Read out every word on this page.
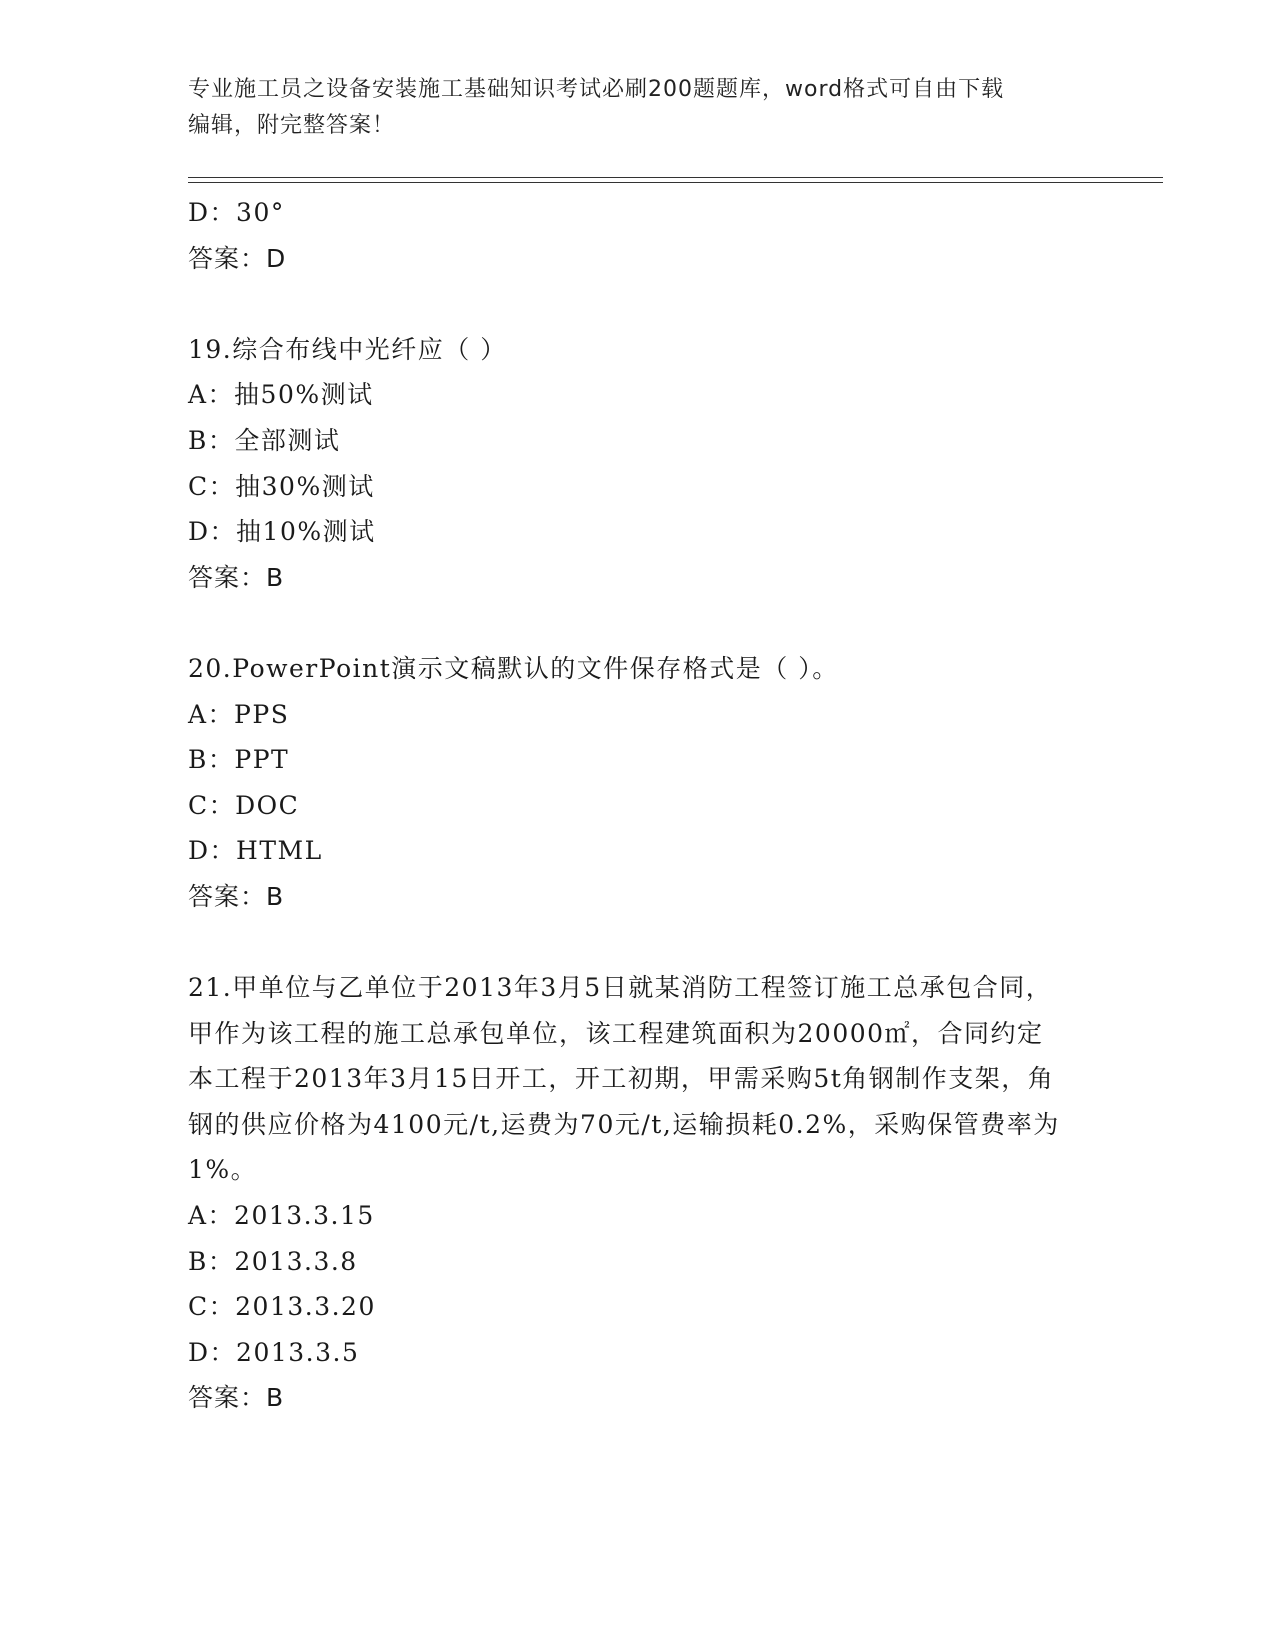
专业施工员之设备安装施工基础知识考试必刷200题题库，word格式可自由下载
编辑，附完整答案！
D：30°
答案：D
19.综合布线中光纤应（ ）
A：抽50%测试
B：全部测试
C：抽30%测试
D：抽10%测试
答案：B
20.PowerPoint演示文稿默认的文件保存格式是（ ）。
A：PPS
B：PPT
C：DOC
D：HTML
答案：B
21.甲单位与乙单位于2013年3月5日就某消防工程签订施工总承包合同，甲作为该工程的施工总承包单位，该工程建筑面积为20000㎡，合同约定本工程于2013年3月15日开工，开工初期，甲需采购5t角钢制作支架，角钢的供应价格为4100元/t,运费为70元/t,运输损耗0.2%，采购保管费率为1%。
A：2013.3.15
B：2013.3.8
C：2013.3.20
D：2013.3.5
答案：B
